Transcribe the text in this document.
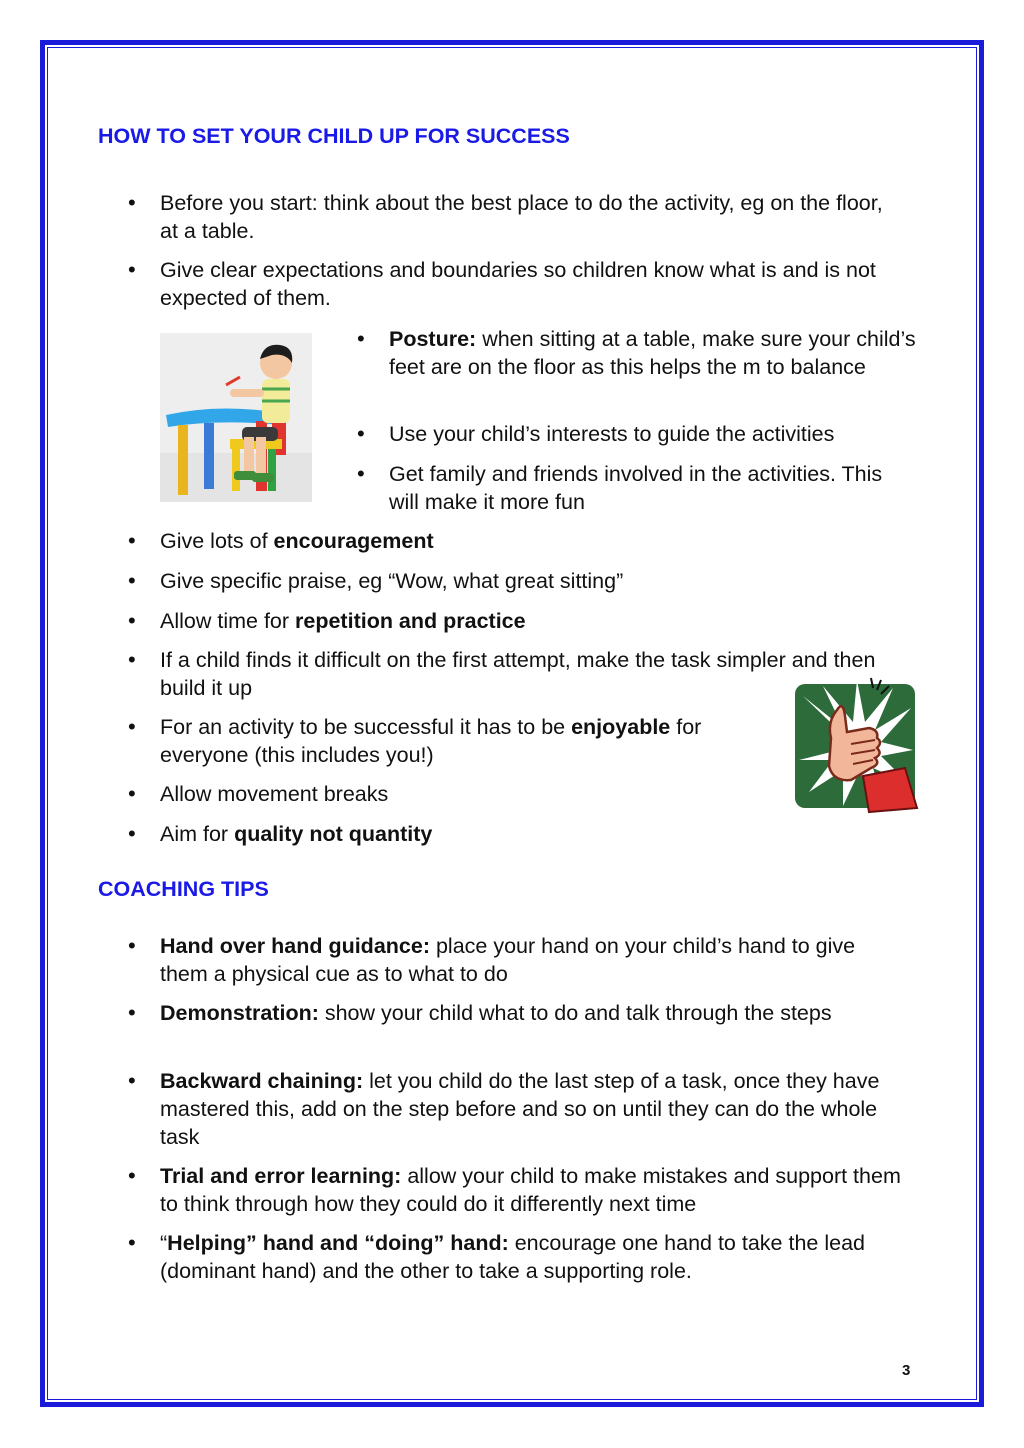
HOW TO SET YOUR CHILD UP FOR SUCCESS

• Before you start: think about the best place to do the activity, eg on the floor, at a table.

• Give clear expectations and boundaries so children know what is and is not expected of them.

• Posture: when sitting at a table, make sure your child’s feet are on the floor as this helps the m to balance

• Use your child’s interests to guide the activities

• Get family and friends involved in the activities. This will make it more fun

• Give lots of encouragement

• Give specific praise, eg “Wow, what great sitting”

• Allow time for repetition and practice

• If a child finds it difficult on the first attempt, make the task simpler and then build it up

• For an activity to be successful it has to be enjoyable for everyone (this includes you!)

• Allow movement breaks

• Aim for quality not quantity

COACHING TIPS

• Hand over hand guidance: place your hand on your child’s hand to give them a physical cue as to what to do

• Demonstration: show your child what to do and talk through the steps

• Backward chaining: let you child do the last step of a task, once they have mastered this, add on the step before and so on until they can do the whole task

• Trial and error learning: allow your child to make mistakes and support them to think through how they could do it differently next time

• “Helping” hand and “doing” hand: encourage one hand to take the lead (dominant hand) and the other to take a supporting role.

3
